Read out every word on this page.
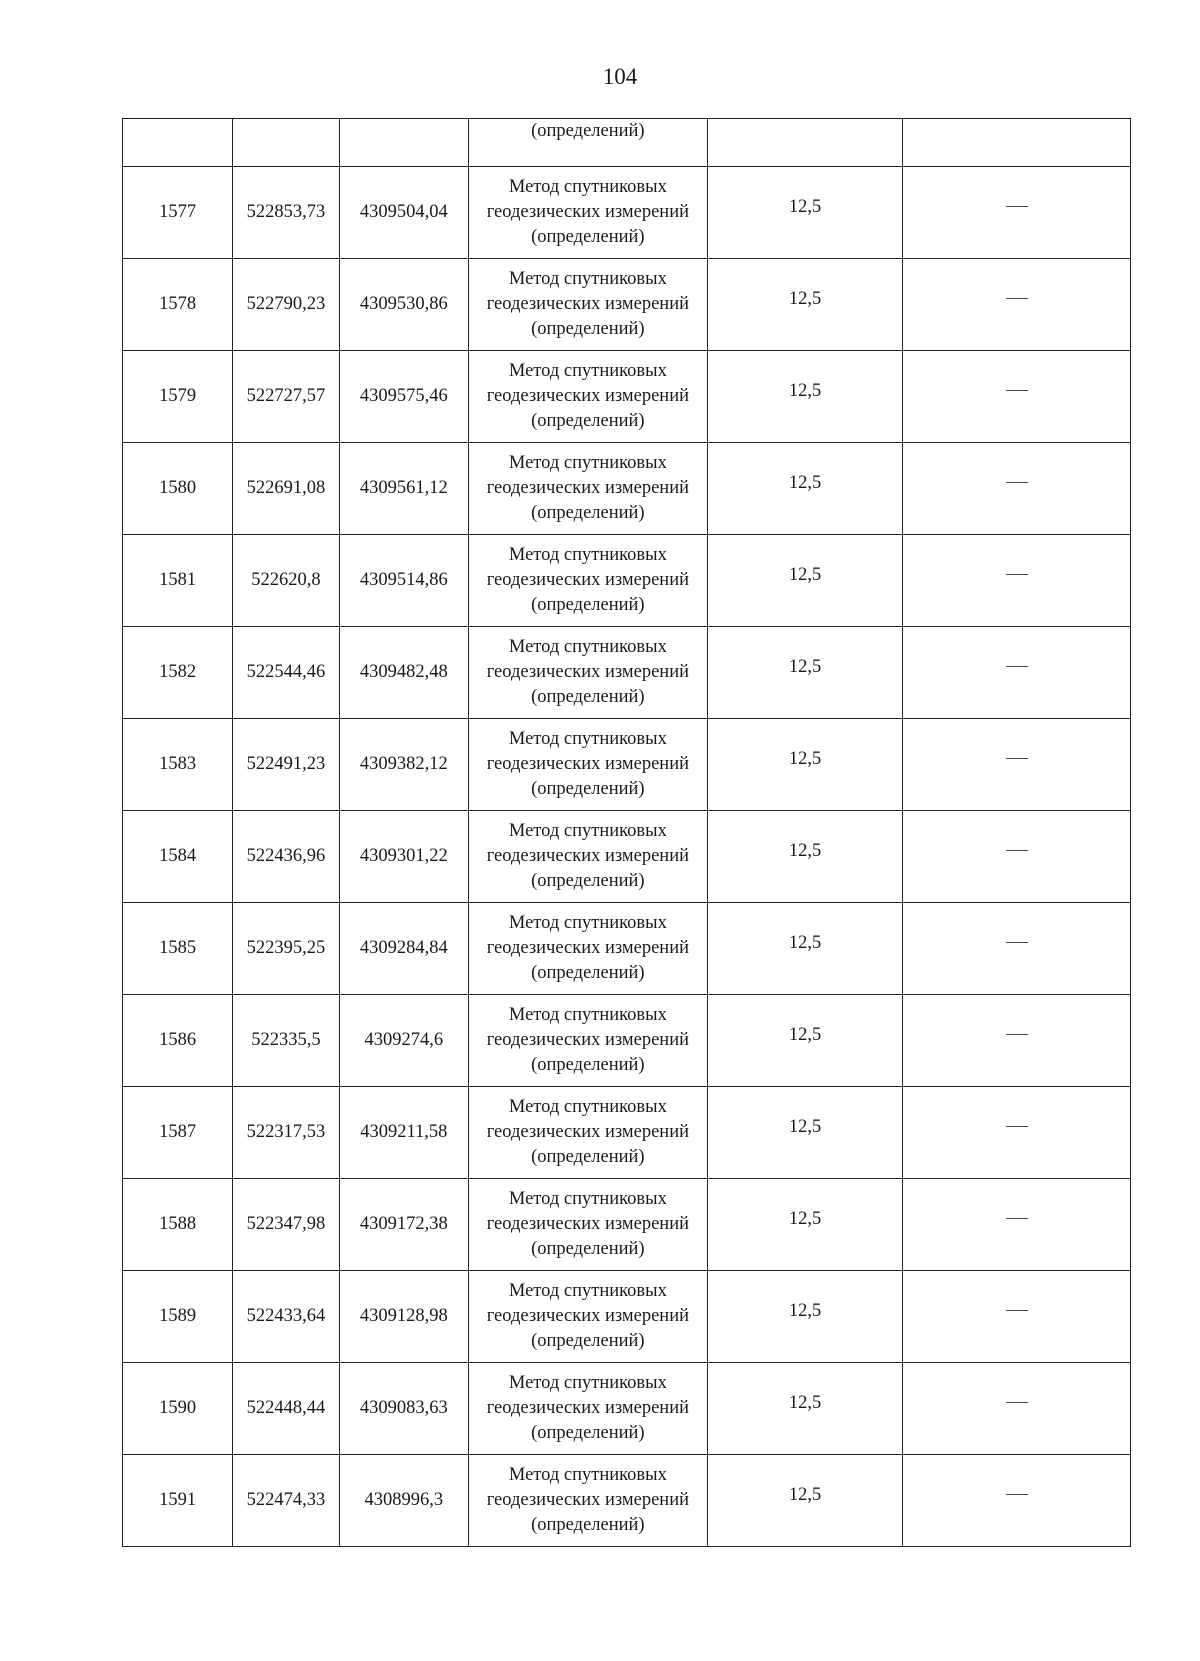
104
			(определений)		
1577	522853,73	4309504,04	Метод спутниковых
геодезических измерений
(определений)	12,5	
1578	522790,23	4309530,86	Метод спутниковых
геодезических измерений
(определений)	12,5	
1579	522727,57	4309575,46	Метод спутниковых
геодезических измерений
(определений)	12,5	
1580	522691,08	4309561,12	Метод спутниковых
геодезических измерений
(определений)	12,5	
1581	522620,8	4309514,86	Метод спутниковых
геодезических измерений
(определений)	12,5	
1582	522544,46	4309482,48	Метод спутниковых
геодезических измерений
(определений)	12,5	
1583	522491,23	4309382,12	Метод спутниковых
геодезических измерений
(определений)	12,5	
1584	522436,96	4309301,22	Метод спутниковых
геодезических измерений
(определений)	12,5	
1585	522395,25	4309284,84	Метод спутниковых
геодезических измерений
(определений)	12,5	
1586	522335,5	4309274,6	Метод спутниковых
геодезических измерений
(определений)	12,5	
1587	522317,53	4309211,58	Метод спутниковых
геодезических измерений
(определений)	12,5	
1588	522347,98	4309172,38	Метод спутниковых
геодезических измерений
(определений)	12,5	
1589	522433,64	4309128,98	Метод спутниковых
геодезических измерений
(определений)	12,5	
1590	522448,44	4309083,63	Метод спутниковых
геодезических измерений
(определений)	12,5	
1591	522474,33	4308996,3	Метод спутниковых
геодезических измерений
(определений)	12,5	
